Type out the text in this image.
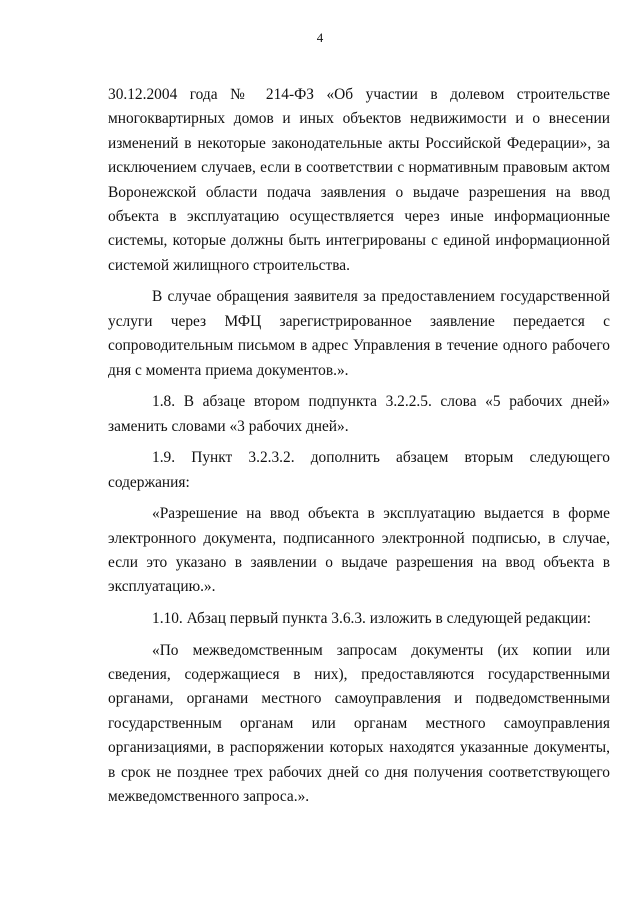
4

30.12.2004 года № 214-ФЗ «Об участии в долевом строительстве многоквартирных домов и иных объектов недвижимости и о внесении изменений в некоторые законодательные акты Российской Федерации», за исключением случаев, если в соответствии с нормативным правовым актом Воронежской области подача заявления о выдаче разрешения на ввод объекта в эксплуатацию осуществляется через иные информационные системы, которые должны быть интегрированы с единой информационной системой жилищного строительства.

В случае обращения заявителя за предоставлением государственной услуги через МФЦ зарегистрированное заявление передается с сопроводительным письмом в адрес Управления в течение одного рабочего дня с момента приема документов.».

1.8. В абзаце втором подпункта 3.2.2.5. слова «5 рабочих дней» заменить словами «3 рабочих дней».

1.9. Пункт 3.2.3.2. дополнить абзацем вторым следующего содержания:

«Разрешение на ввод объекта в эксплуатацию выдается в форме электронного документа, подписанного электронной подписью, в случае, если это указано в заявлении о выдаче разрешения на ввод объекта в эксплуатацию.».

1.10. Абзац первый пункта 3.6.3. изложить в следующей редакции:

«По межведомственным запросам документы (их копии или сведения, содержащиеся в них), предоставляются государственными органами, органами местного самоуправления и подведомственными государственным органам или органам местного самоуправления организациями, в распоряжении которых находятся указанные документы, в срок не позднее трех рабочих дней со дня получения соответствующего межведомственного запроса.».
